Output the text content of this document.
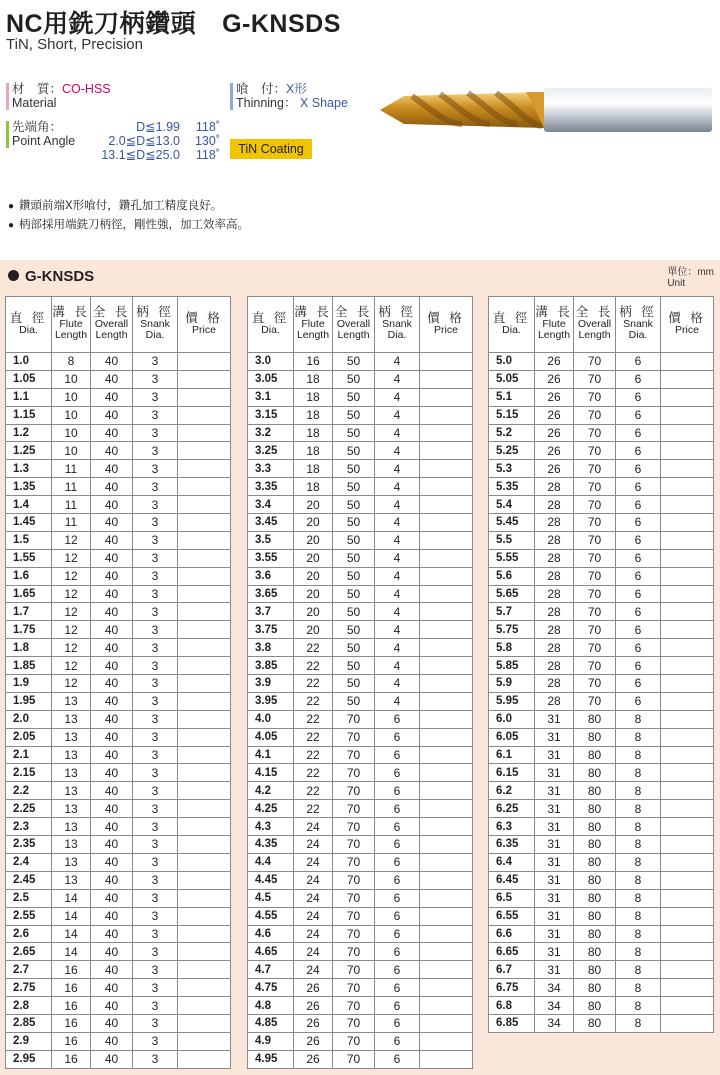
NC用銑刀柄鑽頭 G-KNSDS
TiN, Short, Precision
材　質：CO-HSS
Material
喰　付：X形
Thinning： X Shape
先端角：
Point Angle
D≦1.99	118˚
2.0≦D≦13.0	130˚
13.1≦D≦25.0	118˚	TiN Coating
● 鑽頭前端X形喰付，鑽孔加工精度良好。
● 柄部採用端銑刀柄徑，剛性強，加工效率高。
G-KNSDS	單位：mm
Unit
直 徑
Dia.	溝 長
Flute
Length	全 長
Overall
Length	柄 徑
Snank
Dia.	價 格
Price

1.0	8	40	3	
1.05	10	40	3	
1.1	10	40	3	
1.15	10	40	3	
1.2	10	40	3	
1.25	10	40	3	
1.3	11	40	3	
1.35	11	40	3	
1.4	11	40	3	
1.45	11	40	3	
1.5	12	40	3	
1.55	12	40	3	
1.6	12	40	3	
1.65	12	40	3	
1.7	12	40	3	
1.75	12	40	3	
1.8	12	40	3	
1.85	12	40	3	
1.9	12	40	3	
1.95	13	40	3	
2.0	13	40	3	
2.05	13	40	3	
2.1	13	40	3	
2.15	13	40	3	
2.2	13	40	3	
2.25	13	40	3	
2.3	13	40	3	
2.35	13	40	3	
2.4	13	40	3	
2.45	13	40	3	
2.5	14	40	3	
2.55	14	40	3	
2.6	14	40	3	
2.65	14	40	3	
2.7	16	40	3	
2.75	16	40	3	
2.8	16	40	3	
2.85	16	40	3	
2.9	16	40	3	
2.95	16	40	3	
直 徑
Dia.	溝 長
Flute
Length	全 長
Overall
Length	柄 徑
Snank
Dia.	價 格
Price

3.0	16	50	4	
3.05	18	50	4	
3.1	18	50	4	
3.15	18	50	4	
3.2	18	50	4	
3.25	18	50	4	
3.3	18	50	4	
3.35	18	50	4	
3.4	20	50	4	
3.45	20	50	4	
3.5	20	50	4	
3.55	20	50	4	
3.6	20	50	4	
3.65	20	50	4	
3.7	20	50	4	
3.75	20	50	4	
3.8	22	50	4	
3.85	22	50	4	
3.9	22	50	4	
3.95	22	50	4	
4.0	22	70	6	
4.05	22	70	6	
4.1	22	70	6	
4.15	22	70	6	
4.2	22	70	6	
4.25	22	70	6	
4.3	24	70	6	
4.35	24	70	6	
4.4	24	70	6	
4.45	24	70	6	
4.5	24	70	6	
4.55	24	70	6	
4.6	24	70	6	
4.65	24	70	6	
4.7	24	70	6	
4.75	26	70	6	
4.8	26	70	6	
4.85	26	70	6	
4.9	26	70	6	
4.95	26	70	6	
直 徑
Dia.	溝 長
Flute
Length	全 長
Overall
Length	柄 徑
Snank
Dia.	價 格
Price

5.0	26	70	6	
5.05	26	70	6	
5.1	26	70	6	
5.15	26	70	6	
5.2	26	70	6	
5.25	26	70	6	
5.3	26	70	6	
5.35	28	70	6	
5.4	28	70	6	
5.45	28	70	6	
5.5	28	70	6	
5.55	28	70	6	
5.6	28	70	6	
5.65	28	70	6	
5.7	28	70	6	
5.75	28	70	6	
5.8	28	70	6	
5.85	28	70	6	
5.9	28	70	6	
5.95	28	70	6	
6.0	31	80	8	
6.05	31	80	8	
6.1	31	80	8	
6.15	31	80	8	
6.2	31	80	8	
6.25	31	80	8	
6.3	31	80	8	
6.35	31	80	8	
6.4	31	80	8	
6.45	31	80	8	
6.5	31	80	8	
6.55	31	80	8	
6.6	31	80	8	
6.65	31	80	8	
6.7	31	80	8	
6.75	34	80	8	
6.8	34	80	8	
6.85	34	80	8	
